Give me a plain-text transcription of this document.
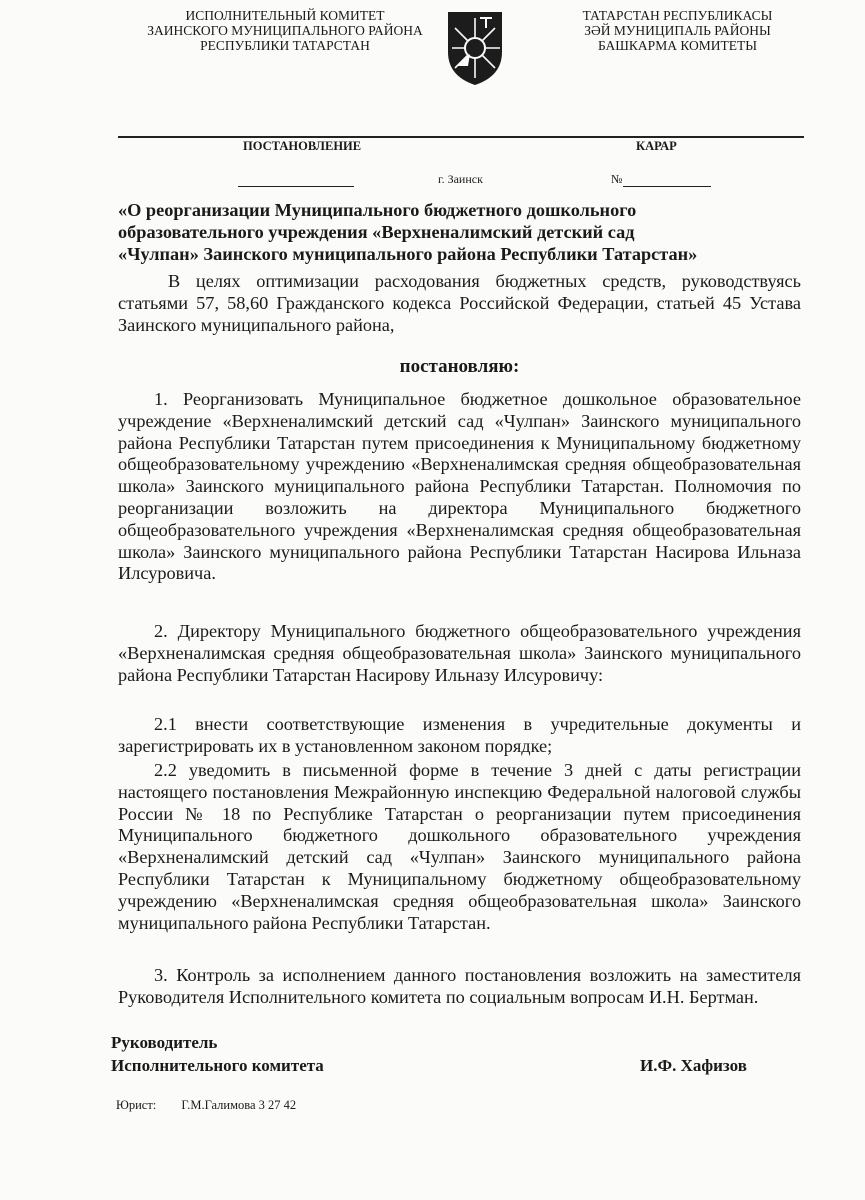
ИСПОЛНИТЕЛЬНЫЙ КОМИТЕТ
ЗАИНСКОГО МУНИЦИПАЛЬНОГО РАЙОНА
РЕСПУБЛИКИ ТАТАРСТАН
ТАТАРСТАН РЕСПУБЛИКАСЫ
ЗӘЙ МУНИЦИПАЛЬ РАЙОНЫ
БАШКАРМА КОМИТЕТЫ
ПОСТАНОВЛЕНИЕ	КАРАР
г. Заинск	№
«О реорганизации Муниципального бюджетного дошкольного
образовательного учреждения «Верхненалимский детский сад
«Чулпан» Заинского муниципального района Республики Татарстан»
В целях оптимизации расходования бюджетных средств, руководствуясь статьями 57, 58,60 Гражданского кодекса Российской Федерации, статьей 45 Устава Заинского муниципального района,
постановляю:
1. Реорганизовать Муниципальное бюджетное дошкольное образовательное учреждение «Верхненалимский детский сад «Чулпан» Заинского муниципального района Республики Татарстан путем присоединения к Муниципальному бюджетному общеобразовательному учреждению «Верхненалимская средняя общеобразовательная школа» Заинского муниципального района Республики Татарстан. Полномочия по реорганизации возложить на директора Муниципального бюджетного общеобразовательного учреждения «Верхненалимская средняя общеобразовательная школа» Заинского муниципального района Республики Татарстан Насирова Ильназа Илсуровича.
2. Директору Муниципального бюджетного общеобразовательного учреждения «Верхненалимская средняя общеобразовательная школа» Заинского муниципального района Республики Татарстан Насирову Ильназу Илсуровичу:
2.1 внести соответствующие изменения в учредительные документы и зарегистрировать их в установленном законом порядке;
2.2 уведомить в письменной форме в течение 3 дней с даты регистрации настоящего постановления Межрайонную инспекцию Федеральной налоговой службы России № 18 по Республике Татарстан о реорганизации путем присоединения Муниципального бюджетного дошкольного образовательного учреждения «Верхненалимский детский сад «Чулпан» Заинского муниципального района Республики Татарстан к Муниципальному бюджетному общеобразовательному учреждению «Верхненалимская средняя общеобразовательная школа» Заинского муниципального района Республики Татарстан.
3. Контроль за исполнением данного постановления возложить на заместителя Руководителя Исполнительного комитета по социальным вопросам И.Н. Бертман.
Руководитель
Исполнительного комитета	И.Ф. Хафизов
Юрист: Г.М.Галимова 3 27 42
